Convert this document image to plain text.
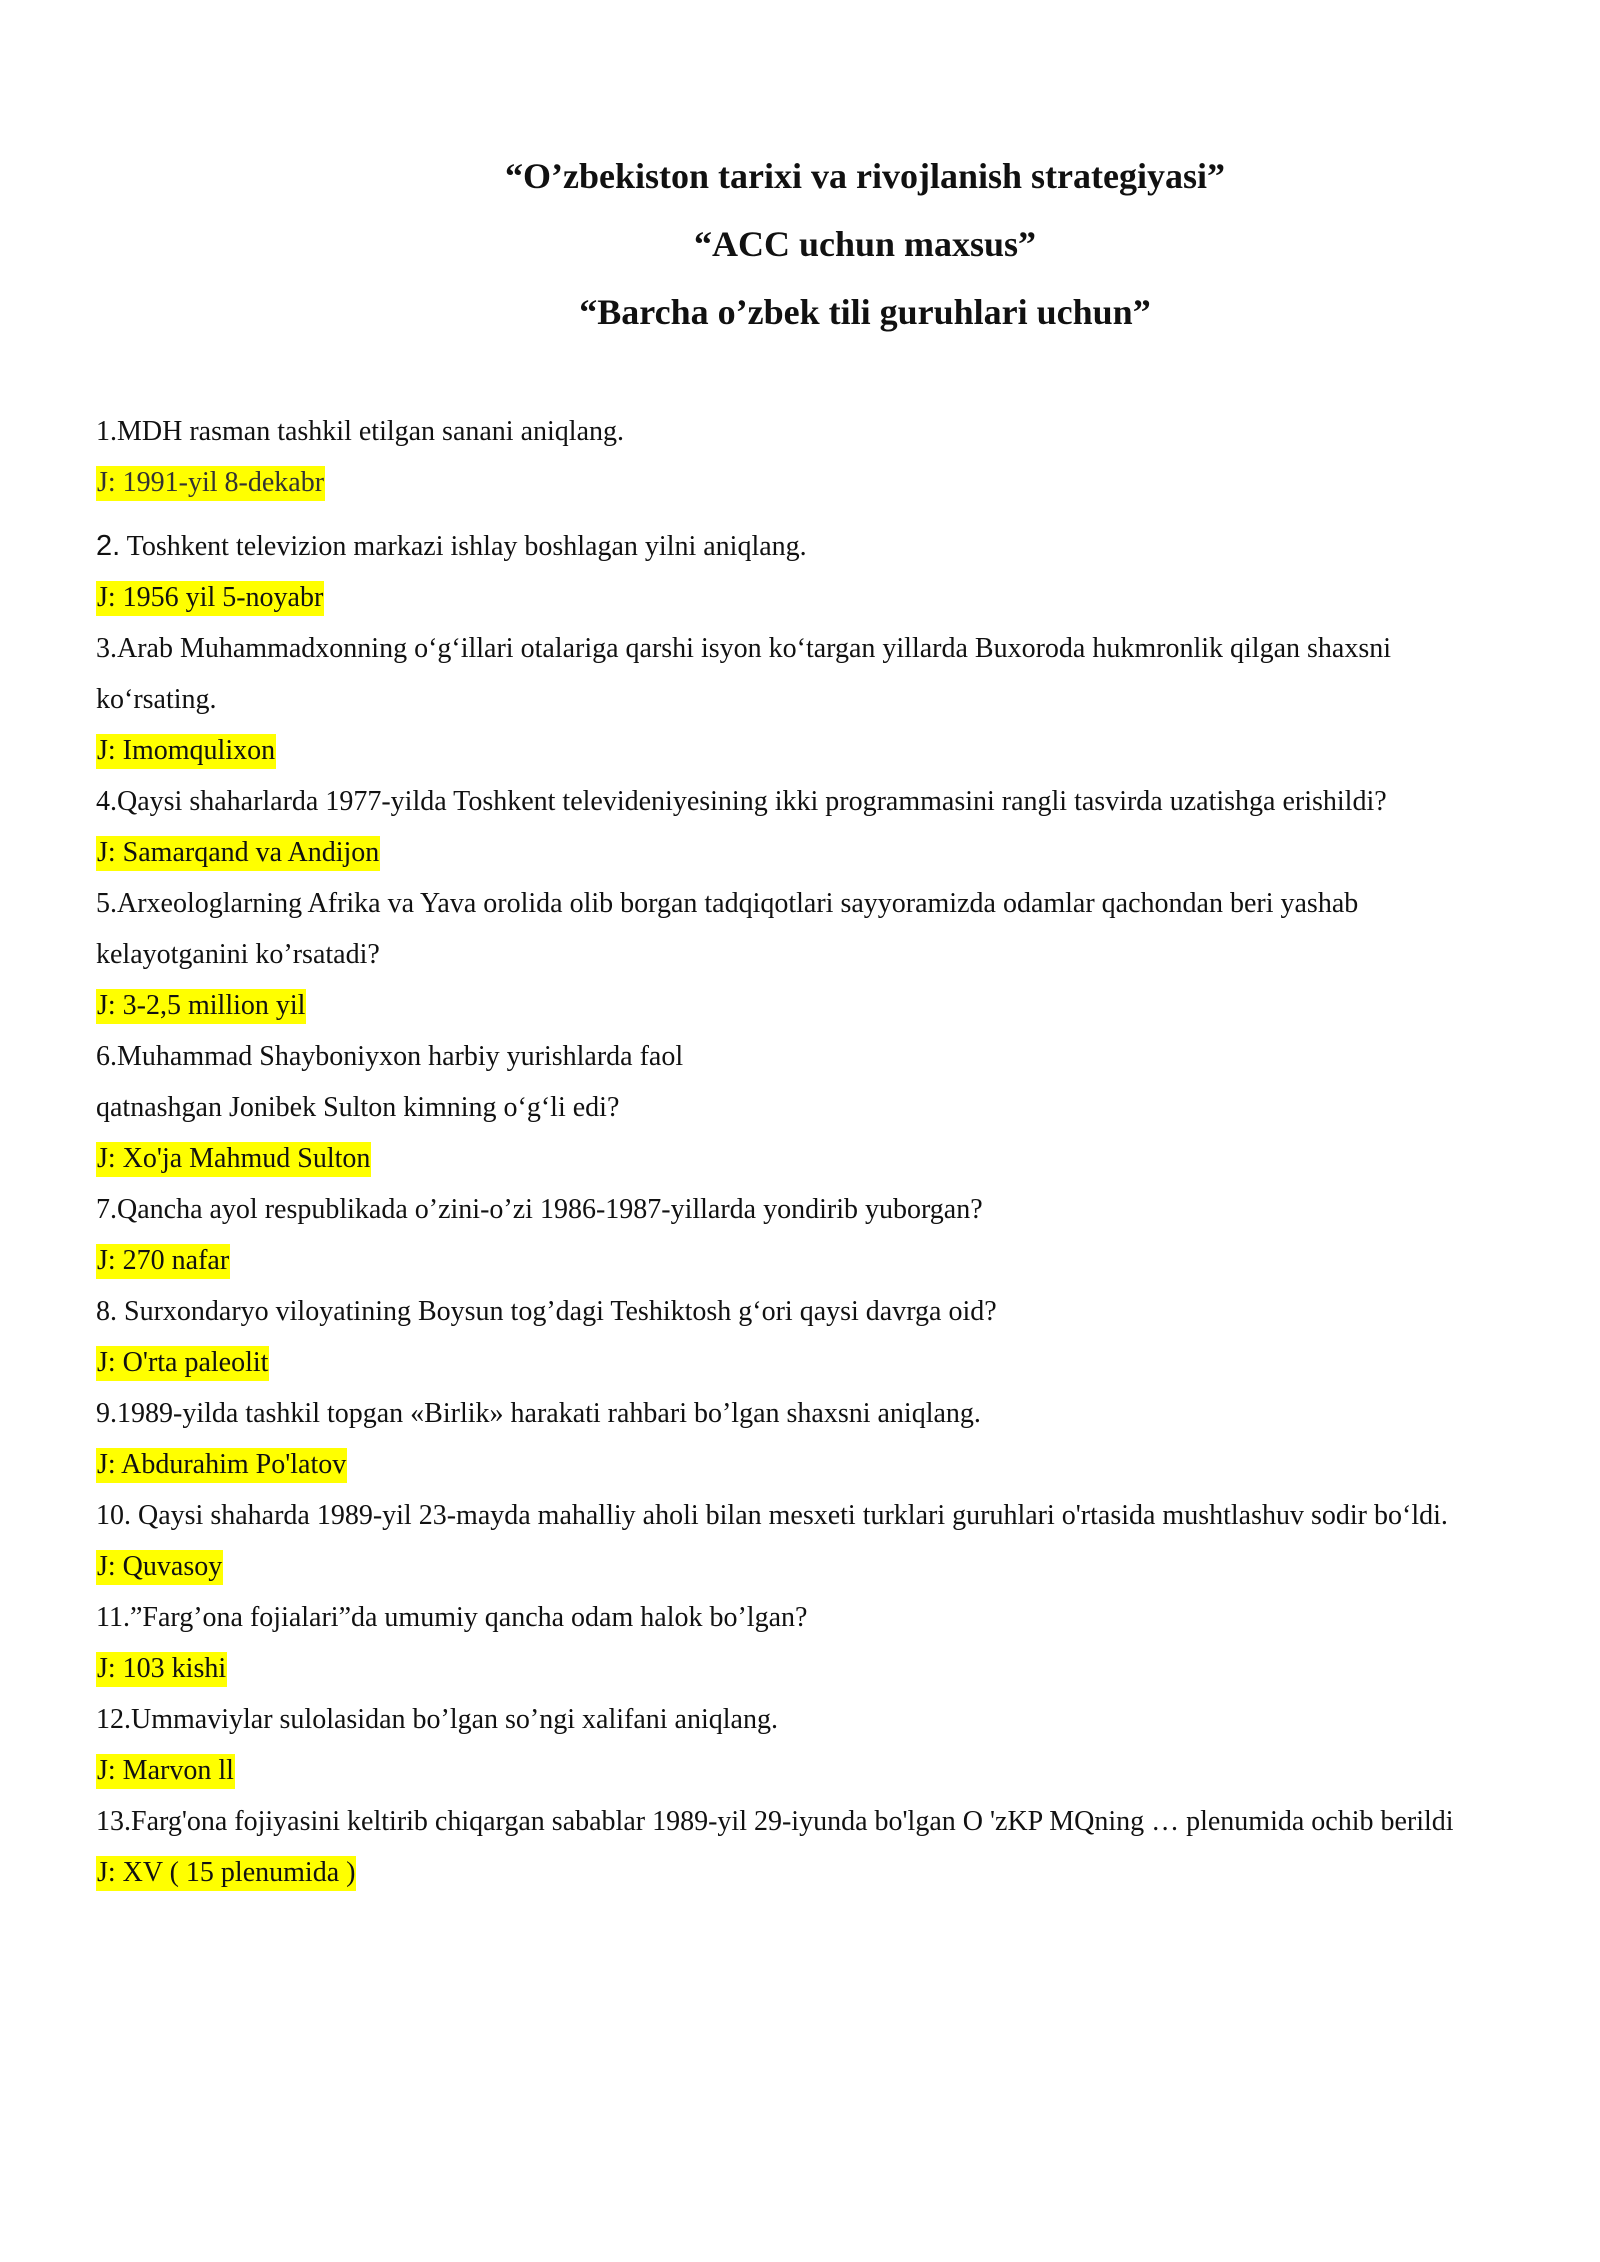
“O’zbekiston tarixi va rivojlanish strategiyasi”
“ACC uchun maxsus”
“Barcha o’zbek tili guruhlari uchun”

1.MDH rasman tashkil etilgan sanani aniqlang.

J: 1991-yil 8-dekabr

2. Toshkent televizion markazi ishlay boshlagan yilni aniqlang.

J: 1956 yil 5-noyabr

3.Arab Muhammadxonning o‘g‘illari otalariga qarshi isyon ko‘targan yillarda Buxoroda hukmronlik qilgan shaxsni ko‘rsating.

J: Imomqulixon

4.Qaysi shaharlarda 1977-yilda Toshkent televideniyesining ikki programmasini rangli tasvirda uzatishga erishildi?

J: Samarqand va Andijon

5.Arxeologlarning Afrika va Yava orolida olib borgan tadqiqotlari sayyoramizda odamlar qachondan beri yashab kelayotganini ko’rsatadi?

J: 3-2,5 million yil

6.Muhammad Shayboniyxon harbiy yurishlarda faol

qatnashgan Jonibek Sulton kimning o‘g‘li edi?

J: Xo'ja Mahmud Sulton

7.Qancha ayol respublikada o’zini-o’zi 1986-1987-yillarda yondirib yuborgan?

J: 270 nafar

8. Surxondaryo viloyatining Boysun tog’dagi Teshiktosh g‘ori qaysi davrga oid?

J: O'rta paleolit

9.1989-yilda tashkil topgan «Birlik» harakati rahbari bo’lgan shaxsni aniqlang.

J: Abdurahim Po'latov

10. Qaysi shaharda 1989-yil 23-mayda mahalliy aholi bilan mesxeti turklari guruhlari o'rtasida mushtlashuv sodir bo‘ldi.

J: Quvasoy

11.”Farg’ona fojialari”da umumiy qancha odam halok bo’lgan?

J: 103 kishi

12.Ummaviylar sulolasidan bo’lgan so’ngi xalifani aniqlang.

J: Marvon ll

13.Farg'ona fojiyasini keltirib chiqargan sabablar 1989-yil 29-iyunda bo'lgan O 'zKP MQning … plenumida ochib berildi

J: XV ( 15 plenumida )
